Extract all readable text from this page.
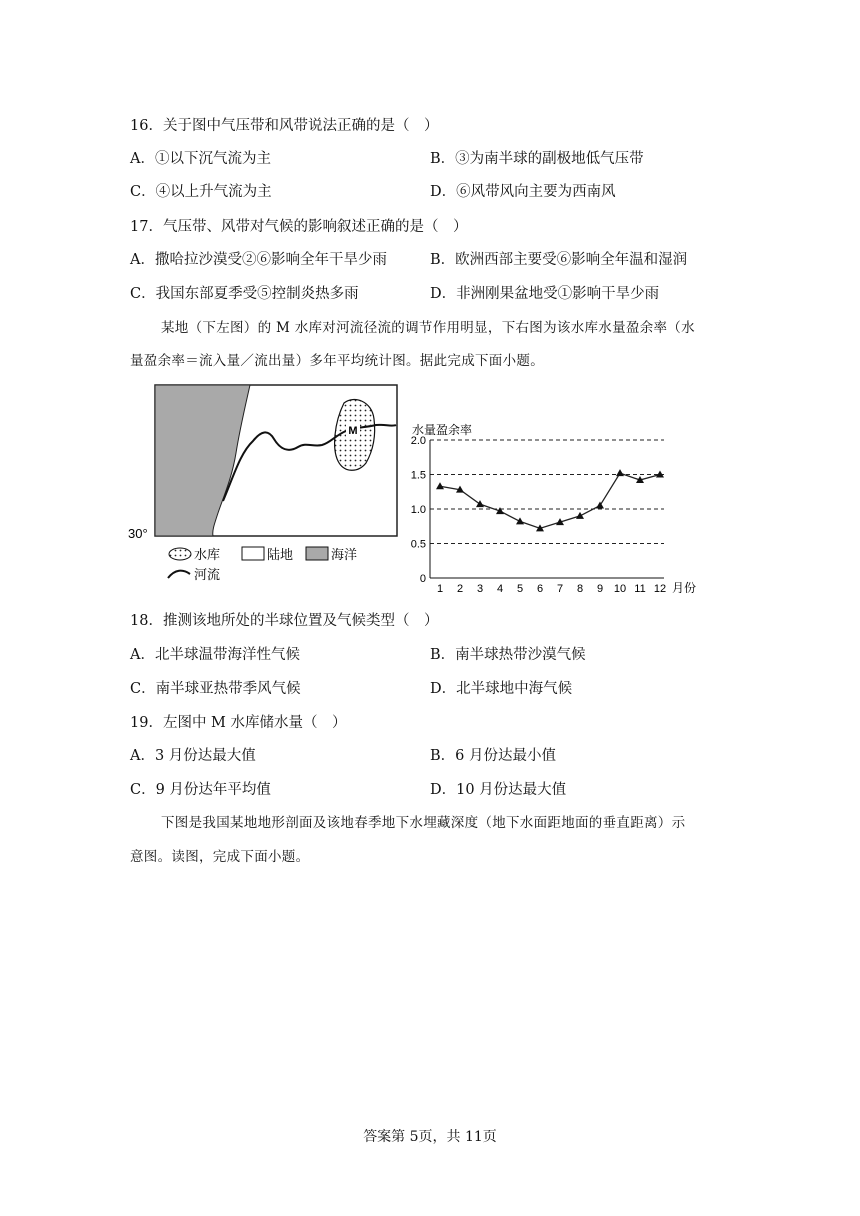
16．关于图中气压带和风带说法正确的是（　）
A．①以下沉气流为主	B．③为南半球的副极地低气压带
C．④以上升气流为主	D．⑥风带风向主要为西南风
17．气压带、风带对气候的影响叙述正确的是（　）
A．撒哈拉沙漠受②⑥影响全年干旱少雨	B．欧洲西部主要受⑥影响全年温和湿润
C．我国东部夏季受⑤控制炎热多雨	D．非洲刚果盆地受①影响干旱少雨
某地（下左图）的 M 水库对河流径流的调节作用明显，下右图为该水库水量盈余率（水
量盈余率＝流入量／流出量）多年平均统计图。据此完成下面小题。
M
30°
水库	陆地	海洋
河流
水量盈余率
0
0.5
1.0
1.5
2.0
1 2 3 4 5 6 7 8 9 10 11 12 月份
18．推测该地所处的半球位置及气候类型（　）
A．北半球温带海洋性气候	B．南半球热带沙漠气候
C．南半球亚热带季风气候	D．北半球地中海气候
19．左图中 M 水库储水量（　）
A．3 月份达最大值	B．6 月份达最小值
C．9 月份达年平均值	D．10 月份达最大值
下图是我国某地地形剖面及该地春季地下水埋藏深度（地下水面距地面的垂直距离）示
意图。读图，完成下面小题。
答案第 5页，共 11页
